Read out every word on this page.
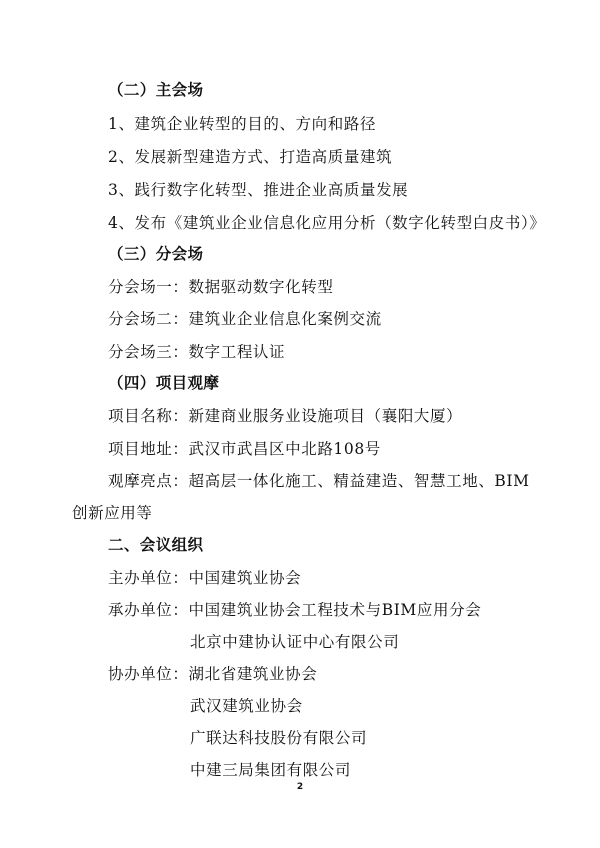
（二）主会场
1、建筑企业转型的目的、方向和路径
2、发展新型建造方式、打造高质量建筑
3、践行数字化转型、推进企业高质量发展
4、发布《建筑业企业信息化应用分析（数字化转型白皮书）》
（三）分会场
分会场一：数据驱动数字化转型
分会场二：建筑业企业信息化案例交流
分会场三：数字工程认证
（四）项目观摩
项目名称：新建商业服务业设施项目（襄阳大厦）
项目地址：武汉市武昌区中北路108号
观摩亮点：超高层一体化施工、精益建造、智慧工地、BIM
创新应用等
二、会议组织
主办单位：中国建筑业协会
承办单位：中国建筑业协会工程技术与BIM应用分会
北京中建协认证中心有限公司
协办单位：湖北省建筑业协会
武汉建筑业协会
广联达科技股份有限公司
中建三局集团有限公司
2
